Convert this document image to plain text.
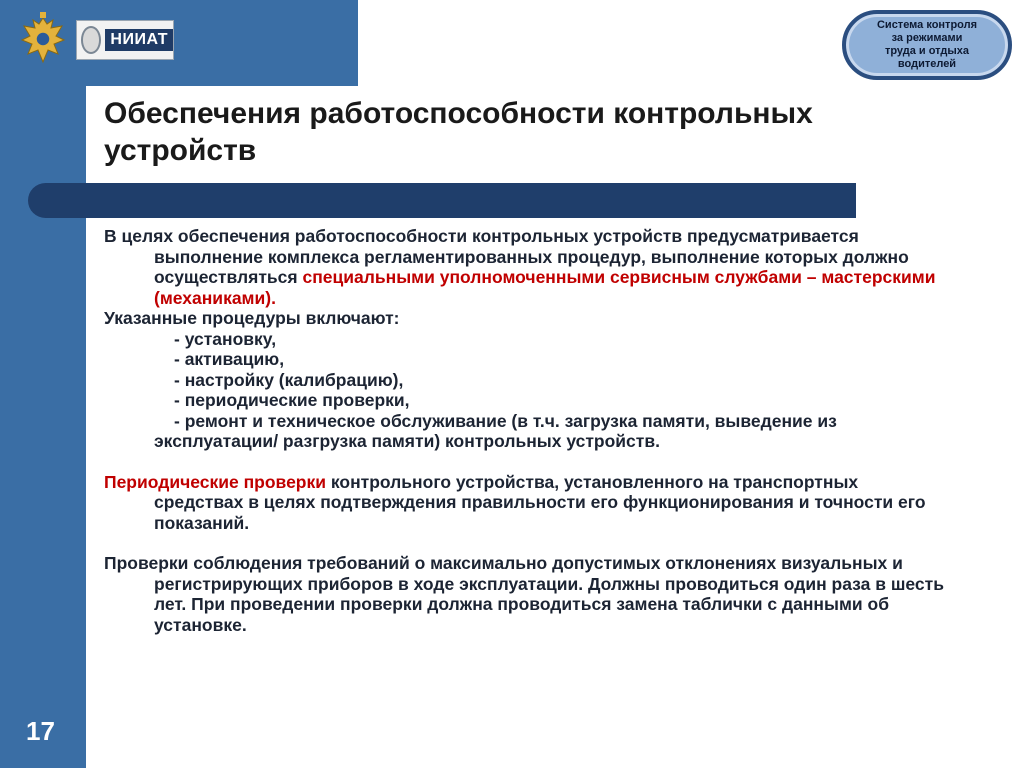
НИИАТ
Система контроля
за режимами
труда и отдыха
водителей
Обеспечения работоспособности контрольных устройств

В целях обеспечения работоспособности контрольных устройств предусматривается выполнение комплекса регламентированных процедур, выполнение которых должно осуществляться специальными уполномоченными сервисным службами – мастерскими (механиками).

Указанные процедуры включают:

- установку,

- активацию,

- настройку (калибрацию),

- периодические проверки,

- ремонт и техническое обслуживание (в т.ч. загрузка памяти, выведение из эксплуатации/ разгрузка памяти) контрольных устройств.

Периодические проверки контрольного устройства, установленного на транспортных средствах в целях подтверждения правильности его функционирования и точности его показаний.

Проверки соблюдения требований о максимально допустимых отклонениях визуальных и регистрирующих приборов в ходе эксплуатации. Должны проводиться один раза в шесть лет. При проведении проверки должна проводиться замена таблички с данными об установке.

17
